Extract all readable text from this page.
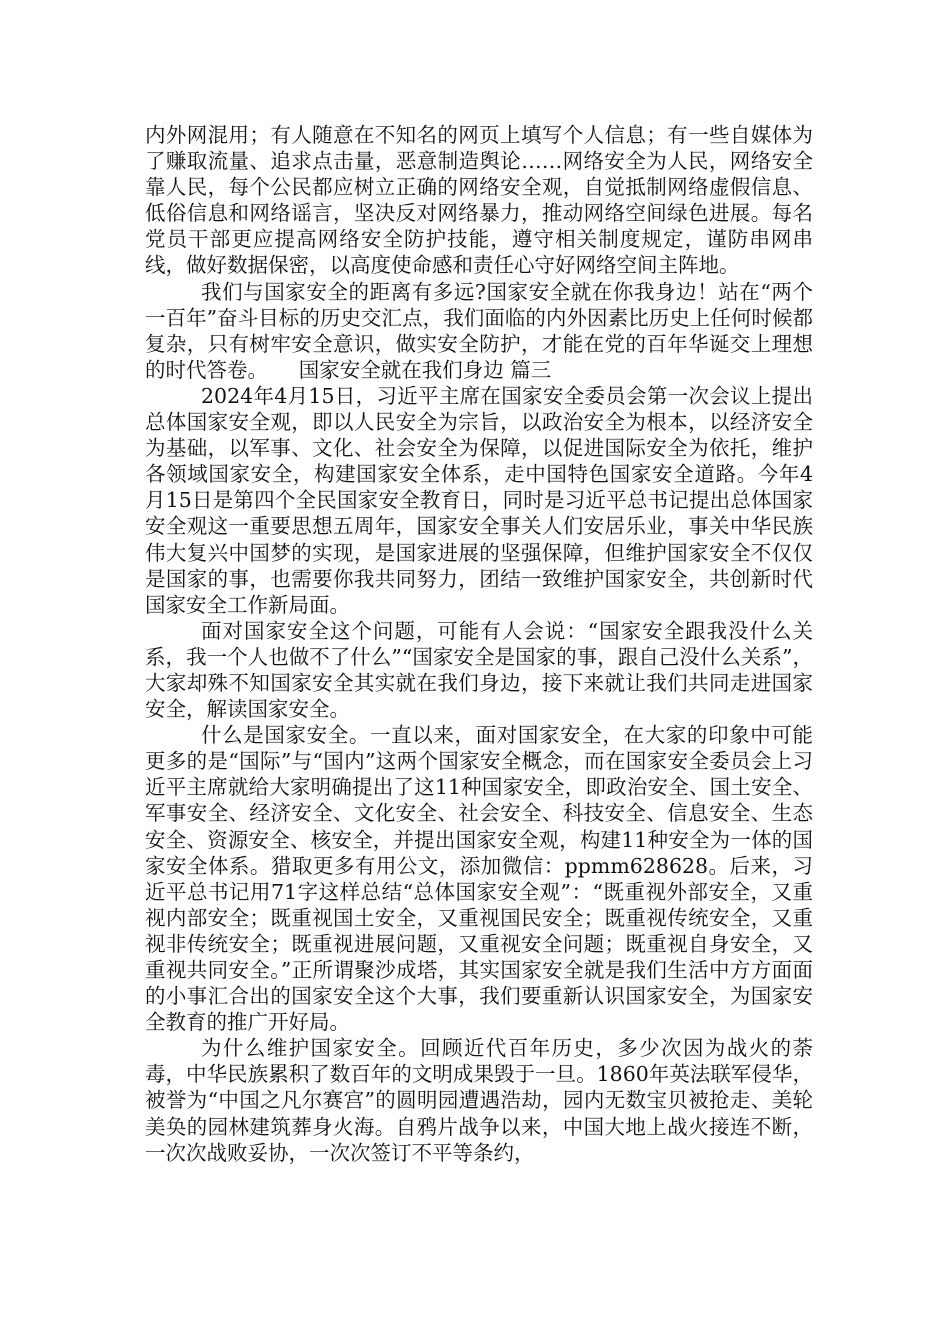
内外网混用；有人随意在不知名的网页上填写个人信息；有一些自媒体为了赚取流量、追求点击量，恶意制造舆论……网络安全为人民，网络安全靠人民，每个公民都应树立正确的网络安全观，自觉抵制网络虚假信息、低俗信息和网络谣言，坚决反对网络暴力，推动网络空间绿色进展。每名党员干部更应提高网络安全防护技能，遵守相关制度规定，谨防串网串线，做好数据保密，以高度使命感和责任心守好网络空间主阵地。

我们与国家安全的距离有多远?国家安全就在你我身边！站在“两个一百年”奋斗目标的历史交汇点，我们面临的内外因素比历史上任何时候都复杂，只有树牢安全意识，做实安全防护，才能在党的百年华诞交上理想的时代答卷。　　国家安全就在我们身边 篇三

2024年4月15日，习近平主席在国家安全委员会第一次会议上提出总体国家安全观，即以人民安全为宗旨，以政治安全为根本，以经济安全为基础，以军事、文化、社会安全为保障，以促进国际安全为依托，维护各领域国家安全，构建国家安全体系，走中国特色国家安全道路。今年4月15日是第四个全民国家安全教育日，同时是习近平总书记提出总体国家安全观这一重要思想五周年，国家安全事关人们安居乐业，事关中华民族伟大复兴中国梦的实现，是国家进展的坚强保障，但维护国家安全不仅仅是国家的事，也需要你我共同努力，团结一致维护国家安全，共创新时代国家安全工作新局面。

面对国家安全这个问题，可能有人会说：“国家安全跟我没什么关系，我一个人也做不了什么”“国家安全是国家的事，跟自己没什么关系”，大家却殊不知国家安全其实就在我们身边，接下来就让我们共同走进国家安全，解读国家安全。

什么是国家安全。一直以来，面对国家安全，在大家的印象中可能更多的是“国际”与“国内”这两个国家安全概念，而在国家安全委员会上习近平主席就给大家明确提出了这11种国家安全，即政治安全、国土安全、军事安全、经济安全、文化安全、社会安全、科技安全、信息安全、生态安全、资源安全、核安全，并提出国家安全观，构建11种安全为一体的国家安全体系。猎取更多有用公文，添加微信：ppmm628628。后来，习近平总书记用71字这样总结“总体国家安全观”：“既重视外部安全，又重视内部安全；既重视国土安全，又重视国民安全；既重视传统安全，又重视非传统安全；既重视进展问题，又重视安全问题；既重视自身安全，又重视共同安全。”正所谓聚沙成塔，其实国家安全就是我们生活中方方面面的小事汇合出的国家安全这个大事，我们要重新认识国家安全，为国家安全教育的推广开好局。

为什么维护国家安全。回顾近代百年历史，多少次因为战火的荼毒，中华民族累积了数百年的文明成果毁于一旦。1860年英法联军侵华，被誉为“中国之凡尔赛宫”的圆明园遭遇浩劫，园内无数宝贝被抢走、美轮美奂的园林建筑葬身火海。自鸦片战争以来，中国大地上战火接连不断，一次次战败妥协，一次次签订不平等条约，
